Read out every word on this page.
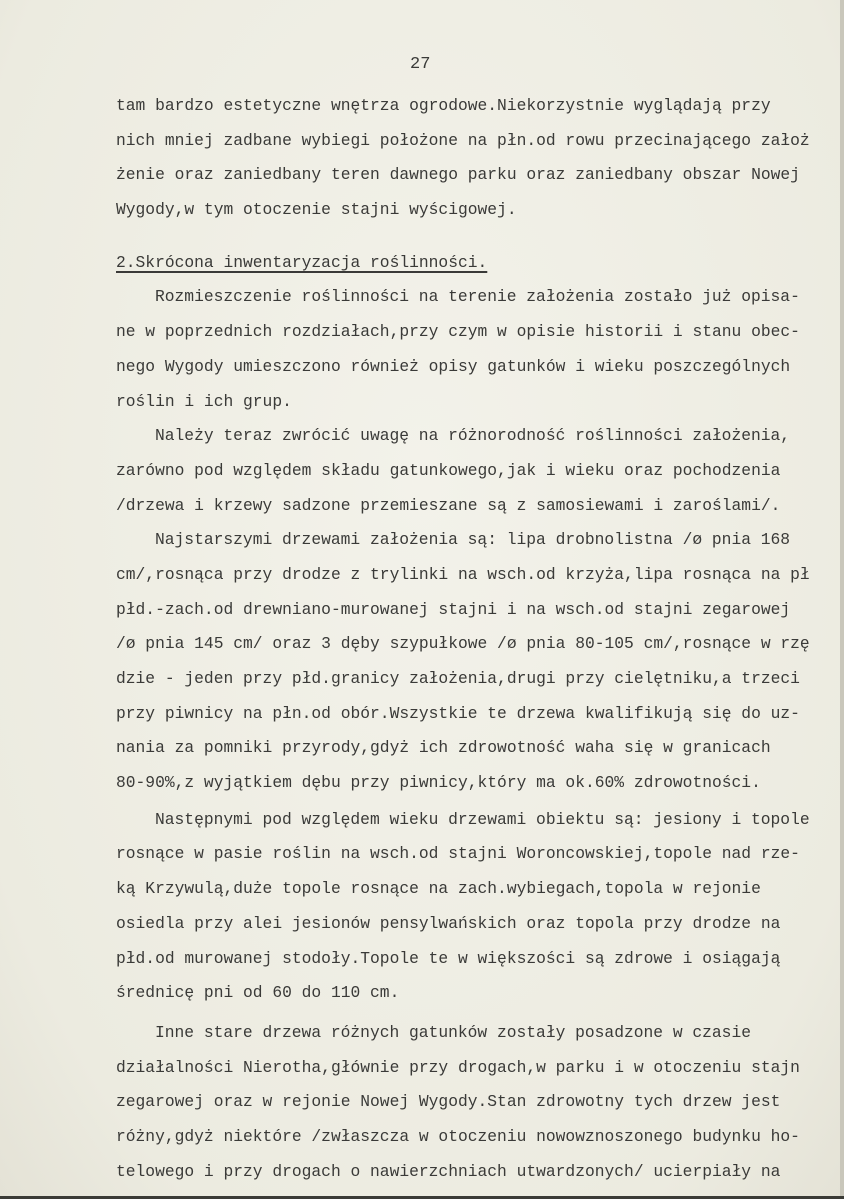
27
tam bardzo estetyczne wnętrza ogrodowe.Niekorzystnie wyglądają przy
nich mniej zadbane wybiegi położone na płn.od rowu przecinającego założ
żenie oraz zaniedbany teren dawnego parku oraz zaniedbany obszar Nowej
Wygody,w tym otoczenie stajni wyścigowej.
2.Skrócona inwentaryzacja roślinności.
Rozmieszczenie roślinności na terenie założenia zostało już opisa-
ne w poprzednich rozdziałach,przy czym w opisie historii i stanu obec-
nego Wygody umieszczono również opisy gatunków i wieku poszczególnych
roślin i ich grup.
Należy teraz zwrócić uwagę na różnorodność roślinności założenia,
zarówno pod względem składu gatunkowego,jak i wieku oraz pochodzenia
/drzewa i krzewy sadzone przemieszane są z samosiewami i zaroślami/.
Najstarszymi drzewami założenia są: lipa drobnolistna /ø pnia 168
cm/,rosnąca przy drodze z trylinki na wsch.od krzyża,lipa rosnąca na pł
płd.-zach.od drewniano-murowanej stajni i na wsch.od stajni zegarowej
/ø pnia 145 cm/ oraz 3 dęby szypułkowe /ø pnia 80-105 cm/,rosnące w rzę
dzie - jeden przy płd.granicy założenia,drugi przy cielętniku,a trzeci
przy piwnicy na płn.od obór.Wszystkie te drzewa kwalifikują się do uz-
nania za pomniki przyrody,gdyż ich zdrowotność waha się w granicach
80-90%,z wyjątkiem dębu przy piwnicy,który ma ok.60% zdrowotności.
Następnymi pod względem wieku drzewami obiektu są: jesiony i topole
rosnące w pasie roślin na wsch.od stajni Woroncowskiej,topole nad rze-
ką Krzywulą,duże topole rosnące na zach.wybiegach,topola w rejonie
osiedla przy alei jesionów pensylwańskich oraz topola przy drodze na
płd.od murowanej stodoły.Topole te w większości są zdrowe i osiągają
średnicę pni od 60 do 110 cm.
Inne stare drzewa różnych gatunków zostały posadzone w czasie
działalności Nierotha,głównie przy drogach,w parku i w otoczeniu stajn
zegarowej oraz w rejonie Nowej Wygody.Stan zdrowotny tych drzew jest
różny,gdyż niektóre /zwłaszcza w otoczeniu nowowznoszonego budynku ho-
telowego i przy drogach o nawierzchniach utwardzonych/ ucierpiały na
